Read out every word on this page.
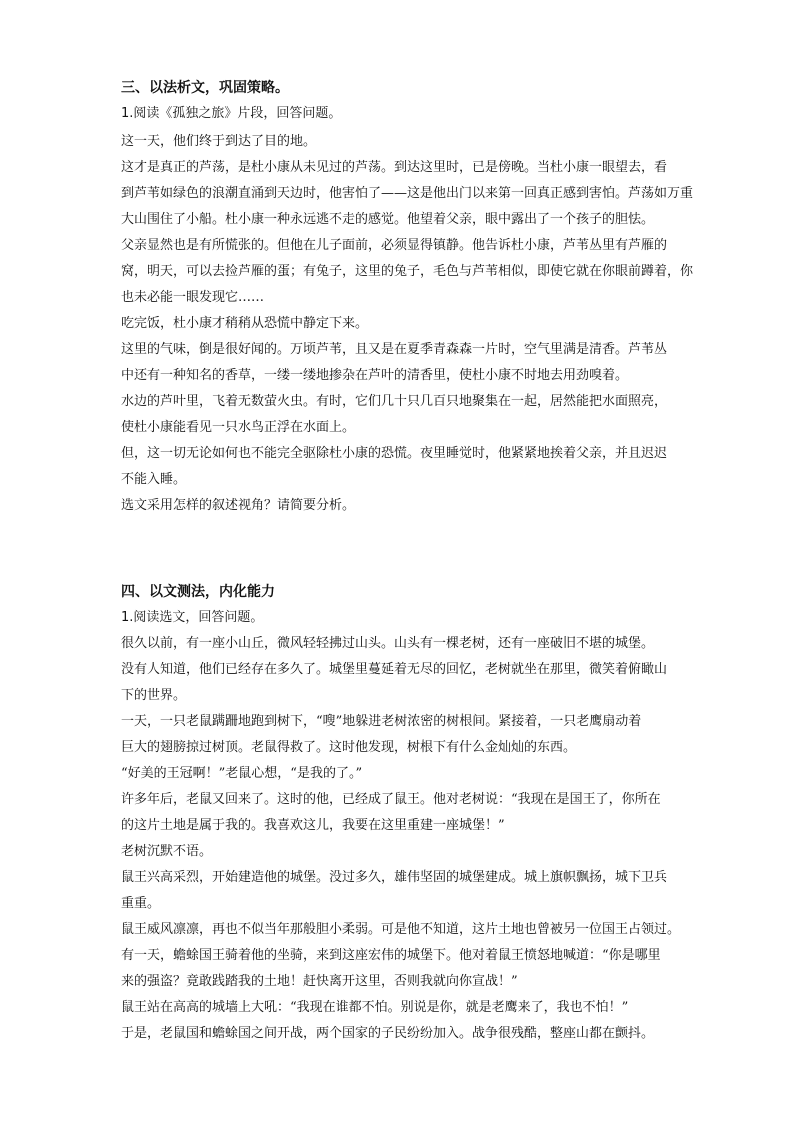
三、以法析文，巩固策略。
1.阅读《孤独之旅》片段，回答问题。
这一天，他们终于到达了目的地。
这才是真正的芦荡，是杜小康从未见过的芦荡。到达这里时，已是傍晚。当杜小康一眼望去，看
到芦苇如绿色的浪潮直涌到天边时，他害怕了——这是他出门以来第一回真正感到害怕。芦荡如万重
大山围住了小船。杜小康一种永远逃不走的感觉。他望着父亲，眼中露出了一个孩子的胆怯。
父亲显然也是有所慌张的。但他在儿子面前，必须显得镇静。他告诉杜小康，芦苇丛里有芦雁的
窝，明天，可以去捡芦雁的蛋；有兔子，这里的兔子，毛色与芦苇相似，即使它就在你眼前蹲着，你
也未必能一眼发现它……
吃完饭，杜小康才稍稍从恐慌中静定下来。
这里的气味，倒是很好闻的。万顷芦苇，且又是在夏季青森森一片时，空气里满是清香。芦苇丛
中还有一种知名的香草，一缕一缕地掺杂在芦叶的清香里，使杜小康不时地去用劲嗅着。
水边的芦叶里，飞着无数萤火虫。有时，它们几十只几百只地聚集在一起，居然能把水面照亮，
使杜小康能看见一只水鸟正浮在水面上。
但，这一切无论如何也不能完全驱除杜小康的恐慌。夜里睡觉时，他紧紧地挨着父亲，并且迟迟
不能入睡。
选文采用怎样的叙述视角？请简要分析。
四、以文测法，内化能力
1.阅读选文，回答问题。
很久以前，有一座小山丘，微风轻轻拂过山头。山头有一棵老树，还有一座破旧不堪的城堡。
没有人知道，他们已经存在多久了。城堡里蔓延着无尽的回忆，老树就坐在那里，微笑着俯瞰山
下的世界。
一天，一只老鼠蹒跚地跑到树下，“嗖”地躲进老树浓密的树根间。紧接着，一只老鹰扇动着
巨大的翅膀掠过树顶。老鼠得救了。这时他发现，树根下有什么金灿灿的东西。
“好美的王冠啊！”老鼠心想，“是我的了。”
许多年后，老鼠又回来了。这时的他，已经成了鼠王。他对老树说：“我现在是国王了，你所在
的这片土地是属于我的。我喜欢这儿，我要在这里重建一座城堡！”
老树沉默不语。
鼠王兴高采烈，开始建造他的城堡。没过多久，雄伟坚固的城堡建成。城上旗帜飘扬，城下卫兵
重重。
鼠王威风凛凛，再也不似当年那般胆小柔弱。可是他不知道，这片土地也曾被另一位国王占领过。
有一天，蟾蜍国王骑着他的坐骑，来到这座宏伟的城堡下。他对着鼠王愤怒地喊道：“你是哪里
来的强盗？竟敢践踏我的土地！赶快离开这里，否则我就向你宣战！”
鼠王站在高高的城墙上大吼：“我现在谁都不怕。别说是你，就是老鹰来了，我也不怕！”
于是，老鼠国和蟾蜍国之间开战，两个国家的子民纷纷加入。战争很残酷，整座山都在颤抖。
